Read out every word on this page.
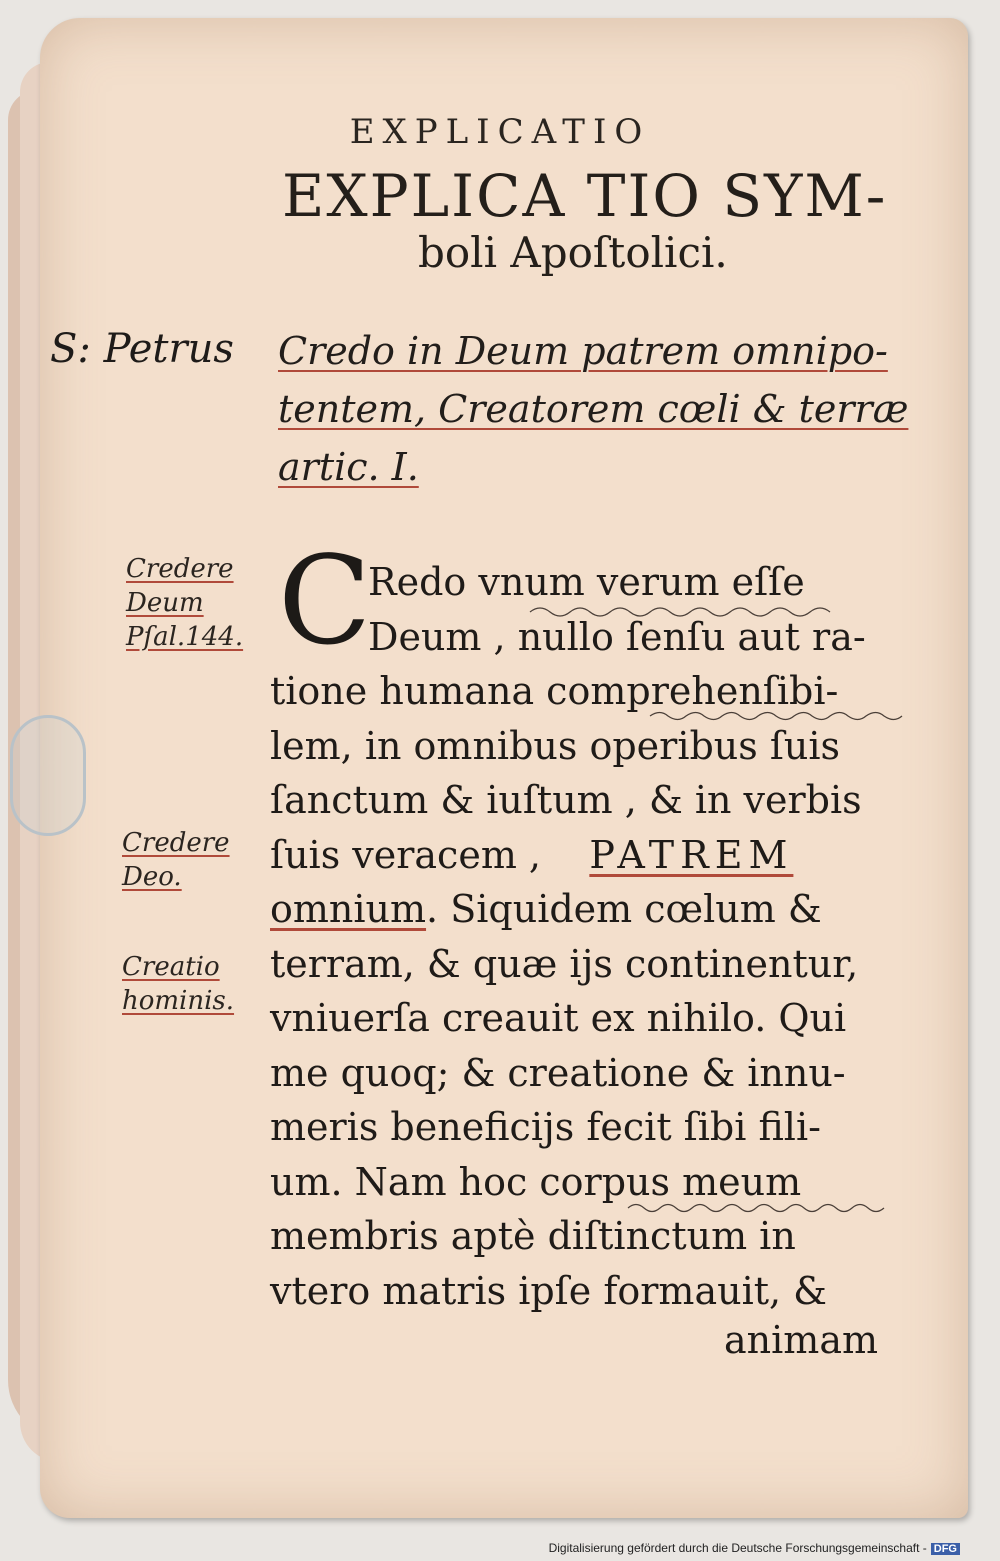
EXPLICATIO
EXPLICA TIO SYM-
boli Apoſtolici.
S: Petrus Credo in Deum patrem omnipo-
tentem, Creatorem cœli & terræ
artic. I.
C
Redo vnum verum eſſe
Deum , nullo ſenſu aut ra-
tione humana comprehenſibi-
lem, in omnibus operibus ſuis
ſanctum & iuſtum , & in verbis
ſuis veracem , PATREM
omnium. Siquidem cœlum &
terram, & quæ ijs continentur,
vniuerſa creauit ex nihilo. Qui
me quoq; & creatione & innu-
meris beneficijs fecit ſibi fili-
um. Nam hoc corpus meum
membris aptè diſtinctum in
vtero matris ipſe formauit, &
animam
Credere
Deum
Pſal.144.
Credere
Deo.
Creatio
hominis.
Digitalisierung gefördert durch die Deutsche Forschungsgemeinschaft - DFG
